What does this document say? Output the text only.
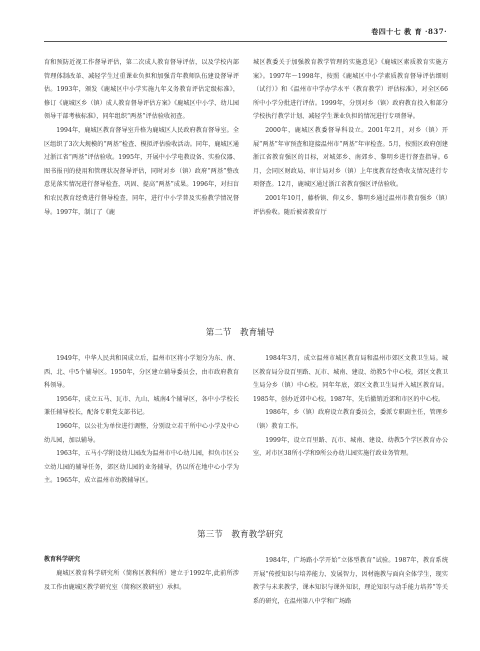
卷四十七 教 育 ·837·

育和预防近视工作督导评估，第二次成人教育督导评估，以及学校内部管理体制改革、减轻学生过重课业负担和加强青年教师队伍建设督导评估。1993年，颁发《鹿城区中小学实施九年义务教育评估定级标准》，修订《鹿城区乡（镇）成人教育督导评估方案》《鹿城区中小学、幼儿园领导干部考核标准》，同年组织“两基”评估验收初查。

1994年，鹿城区教育督导室升格为鹿城区人民政府教育督导室。全区组织了3次大规模的“两基”检查、模拟评估验收活动。同年，鹿城区通过浙江省“两基”评估验收。1995年，开展中小学电教设备、实验仪器、图书报刊的使用和管理状况督导评估，同时对乡（镇）政府“两基”整改意见落实情况进行督导检查，巩固、提高“两基”成果。1996年，对扫盲和农民教育经费进行督导检查，同年，进行中小学普及实验教学情况督导。1997年，制订了《鹿

城区教委关于加强教育教学管理的实施意见》《鹿城区素质教育实施方案》。1997年～1998年，按照《鹿城区中小学素质教育督导评估细则（试行）》和《温州市中学办学水平（教育教学）评估标准》，对全区66所中小学分批进行评估。1999年，分别对乡（镇）政府教育投入和部分学校执行教学计划、减轻学生课业负担的情况进行专项督导。

2000年，鹿城区教委督导科设立。2001年2月，对乡（镇）开展“两基”年审预查和迎接温州市“两基”年审检查。5月，按照区政府创建浙江省教育强区的目标，对城郊乡、南郊乡、黎明乡进行督查指导。6月，会同区财政局、审计局对乡（镇）上年度教育经费收支情况进行专项督查。12月，鹿城区通过浙江省教育强区评估验收。

2001年10月，藤桥镇、仰义乡、黎明乡通过温州市教育强乡（镇）评估验收。随后被省教育厅

第二节　教育辅导

1949年，中华人民共和国成立后，温州市区将小学划分为东、南、西、北、中5个辅导区。1950年，分区建立辅导委员会，由市政府教育科领导。

1956年，成立五马、瓦市、九山、城南4个辅导区，各中小学校长兼任辅导校长，配备专职党支部书记。

1960年，以公社为单位进行调整，分别设立若干所中心小学及中心幼儿园，加以辅导。

1963年，五马小学附设幼儿园改为温州市中心幼儿园，担负市区公立幼儿园的辅导任务，郊区幼儿园的业务辅导，仍以所在地中心小学为主。1965年，成立温州市幼教辅导区。

1984年3月，成立温州市城区教育局和温州市郊区文教卫生局。城区教育局分设百里路、瓦市、城南、建设、幼教5个中心校，郊区文教卫生局分乡（镇）中心校。同年年底，郊区文教卫生局并入城区教育局。1985年，创办近郊中心校。1987年，先后撤销近郊和市区的中心校。

1986年，乡（镇）政府设立教育委员会，委派专职副主任，管理乡（镇）教育工作。

1999年，设立百里路、瓦市、城南、建设、幼教5个学区教育办公室，对市区38所小学和9所公办幼儿园实施行政业务管理。

第三节　教育教学研究
教育科学研究

鹿城区教育科学研究所（简称区教科所）建立于1992年,此前所涉及工作由鹿城区教学研究室（简称区教研室）承担。

1984年，广场路小学开始“立体型教育”试验。1987年，教育系统开展“传授知识与培养能力、发展智力，因材施教与面向全体学生，现实教学与未来教学，课本知识与课外知识，理论知识与动手能力培养”等关系的研究，在温州第八中学和广场路
